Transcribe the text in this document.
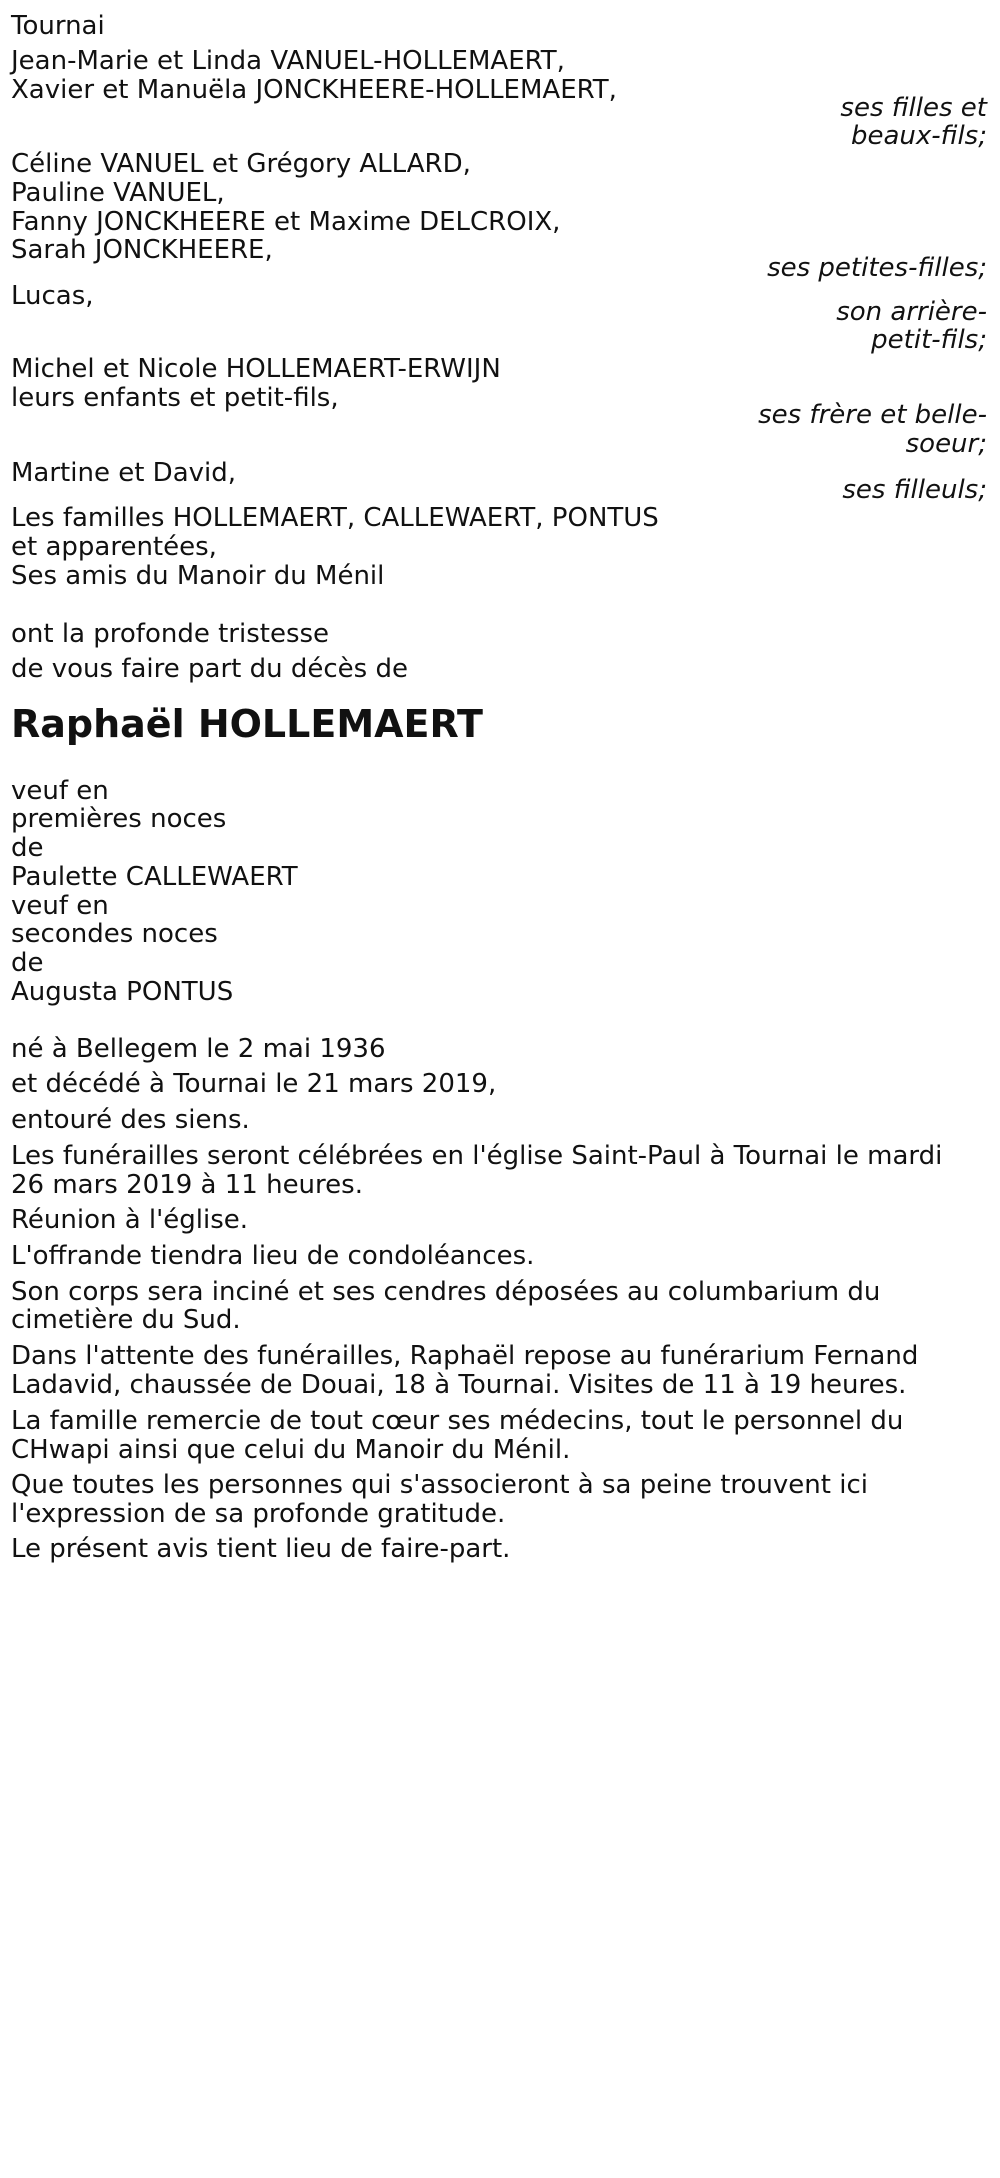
Tournai

Jean-Marie et Linda VANUEL-HOLLEMAERT,

Xavier et Manuëla JONCKHEERE-HOLLEMAERT,

ses filles et

beaux-fils;

Céline VANUEL et Grégory ALLARD,

Pauline VANUEL,

Fanny JONCKHEERE et Maxime DELCROIX,

Sarah JONCKHEERE,

ses petites-filles;

Lucas,

son arrière-

petit-fils;

Michel et Nicole HOLLEMAERT-ERWIJN

leurs enfants et petit-fils,

ses frère et belle-

soeur;

Martine et David,

ses filleuls;

Les familles HOLLEMAERT, CALLEWAERT, PONTUS

et apparentées,

Ses amis du Manoir du Ménil

ont la profonde tristesse

de vous faire part du décès de

Raphaël HOLLEMAERT

veuf en

premières noces

de

Paulette CALLEWAERT

veuf en

secondes noces

de

Augusta PONTUS

né à Bellegem le 2 mai 1936

et décédé à Tournai le 21 mars 2019,

entouré des siens.

Les funérailles seront célébrées en l'église Saint-Paul à Tournai le mardi

26 mars 2019 à 11 heures.

Réunion à l'église.

L'offrande tiendra lieu de condoléances.

Son corps sera inciné et ses cendres déposées au columbarium du

cimetière du Sud.

Dans l'attente des funérailles, Raphaël repose au funérarium Fernand

Ladavid, chaussée de Douai, 18 à Tournai. Visites de 11 à 19 heures.

La famille remercie de tout cœur ses médecins, tout le personnel du

CHwapi ainsi que celui du Manoir du Ménil.

Que toutes les personnes qui s'associeront à sa peine trouvent ici

l'expression de sa profonde gratitude.

Le présent avis tient lieu de faire-part.
